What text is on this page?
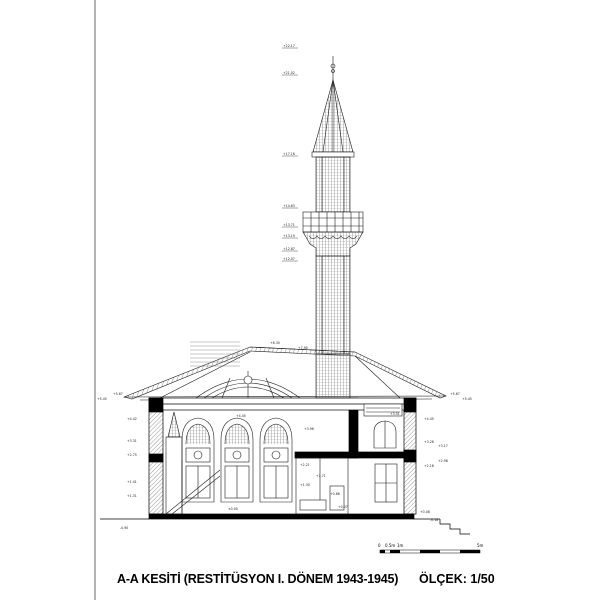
+22.17
+21.02
+17.16
+14.63
+13.71
+13.19
+12.87
+12.07
+8.30
+7.90
+5.67
+5.45
+5.67
+5.45
+4.42
+3.31
+2.75
+1.41
+1.31
-0.90
+4.45
+3.96
+3.51
+2.21
+1.71
+1.30
+0.86
+0.07
±0.00
+4.45
+3.26
+3.17
+2.98
+2.18
+0.08
-0.18
0 0.5m 1m	5m
A-A KESİTİ (RESTİTÜSYON I. DÖNEM 1943-1945) ÖLÇEK: 1/50
